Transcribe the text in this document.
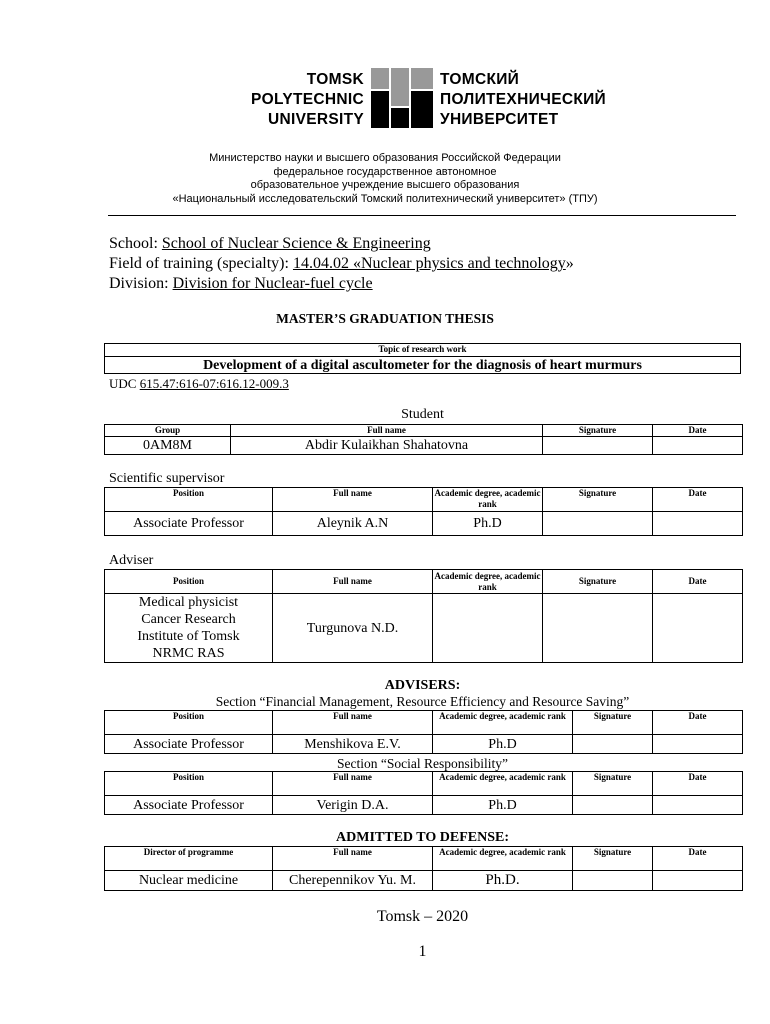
TOMSK
POLYTECHNIC
UNIVERSITY
ТОМСКИЙ
ПОЛИТЕХНИЧЕСКИЙ
УНИВЕРСИТЕТ
Министерство науки и высшего образования Российской Федерации
федеральное государственное автономное
образовательное учреждение высшего образования
«Национальный исследовательский Томский политехнический университет» (ТПУ)
School: School of Nuclear Science & Engineering
Field of training (specialty): 14.04.02 «Nuclear physics and technology»
Division: Division for Nuclear-fuel cycle
MASTER’S GRADUATION THESIS
Topic of research work
Development of a digital ascultometer for the diagnosis of heart murmurs
UDC 615.47:616-07:616.12-009.3
Student
Group	Full name	Signature	Date
0AM8M	Abdir Kulaikhan Shahatovna		
Scientific supervisor
Position	Full name	Academic degree, academic rank	Signature	Date
Associate Professor	Aleynik A.N	Ph.D		
Adviser
Position	Full name	Academic degree, academic rank	Signature	Date

Medical physicist
Cancer Research
Institute of Tomsk
NRMC RAS	Turgunova N.D.			
ADVISERS:
Section “Financial Management, Resource Efficiency and Resource Saving”
Position	Full name	Academic degree, academic rank	Signature	Date
Associate Professor	Menshikova E.V.	Ph.D		
Section “Social Responsibility”
Position	Full name	Academic degree, academic rank	Signature	Date
Associate Professor	Verigin D.A.	Ph.D		
ADMITTED TO DEFENSE:
Director of programme	Full name	Academic degree, academic rank	Signature	Date
Nuclear medicine	Cherepennikov Yu. M.	Ph.D.		
Tomsk – 2020
1
